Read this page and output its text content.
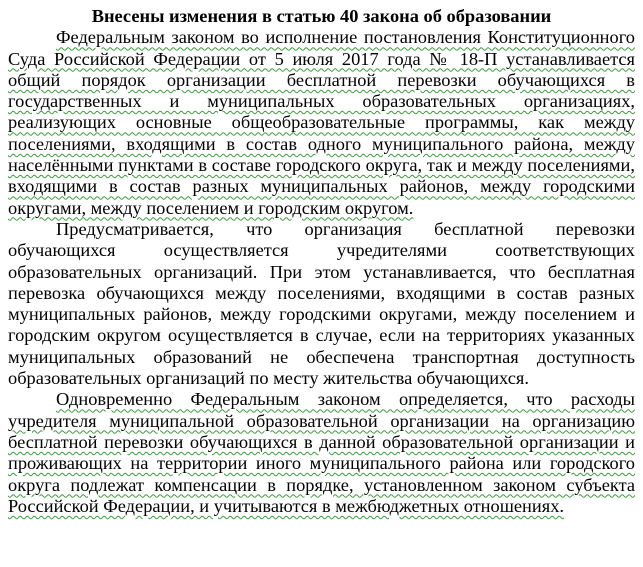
Внесены изменения в статью 40 закона об образовании

Федеральным законом во исполнение постановления Конституционного Суда Российской Федерации от 5 июля 2017 года № 18-П устанавливается общий порядок организации бесплатной перевозки обучающихся в государственных и муниципальных образовательных организациях, реализующих основные общеобразовательные программы, как между поселениями, входящими в состав одного муниципального района, между населёнными пунктами в составе городского округа, так и между поселениями, входящими в состав разных муниципальных районов, между городскими округами, между поселением и городским округом.

Предусматривается, что организация бесплатной перевозки обучающихся осуществляется учредителями соответствующих образовательных организаций. При этом устанавливается, что бесплатная перевозка обучающихся между поселениями, входящими в состав разных муниципальных районов, между городскими округами, между поселением и городским округом осуществляется в случае, если на территориях указанных муниципальных образований не обеспечена транспортная доступность образовательных организаций по месту жительства обучающихся.

Одновременно Федеральным законом определяется, что расходы учредителя муниципальной образовательной организации на организацию бесплатной перевозки обучающихся в данной образовательной организации и проживающих на территории иного муниципального района или городского округа подлежат компенсации в порядке, установленном законом субъекта Российской Федерации, и учитываются в межбюджетных отношениях.
